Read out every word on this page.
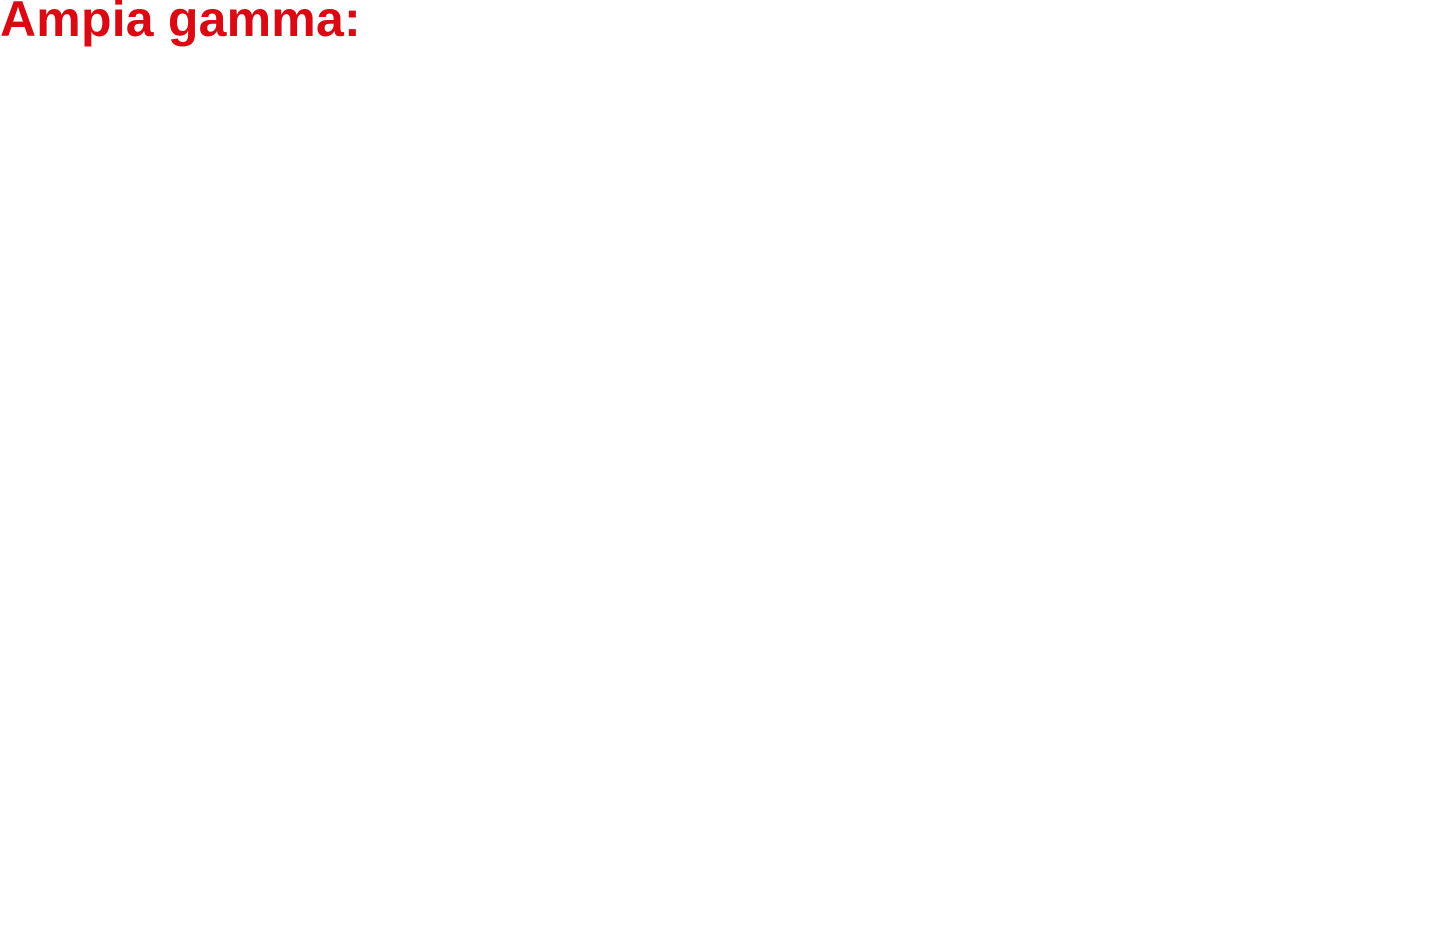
Ampia gamma:
